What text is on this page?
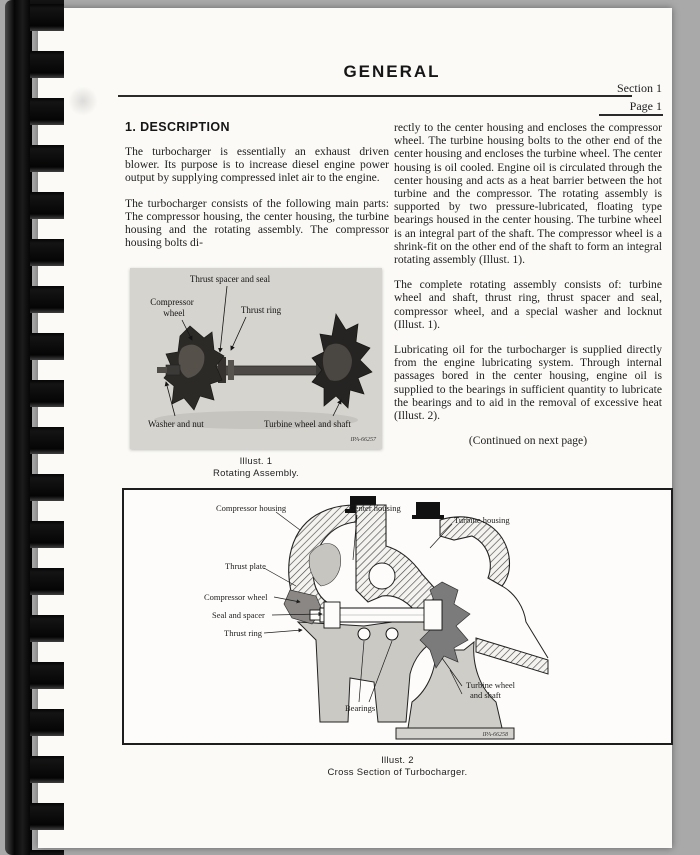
GENERAL
Section 1
Page 1
1. DESCRIPTION

The turbocharger is essentially an exhaust driven blower. Its purpose is to increase diesel engine power output by supplying compressed inlet air to the engine.

The turbocharger consists of the following main parts: The compressor housing, the center housing, the turbine housing and the rotating assembly. The compressor housing bolts di-

Thrust spacer and seal
Compressor
wheel	Thrust ring
Washer and nut	Turbine wheel and shaft
IPA-66257
Illust. 1
Rotating Assembly.

rectly to the center housing and encloses the compressor wheel. The turbine housing bolts to the other end of the center housing and encloses the turbine wheel. The center housing is oil cooled. Engine oil is circulated through the center housing and acts as a heat barrier between the hot turbine and the compressor. The rotating assembly is supported by two pressure-lubricated, floating type bearings housed in the center housing. The turbine wheel is an integral part of the shaft. The compressor wheel is a shrink-fit on the other end of the shaft to form an integral rotating assembly (Illust. 1).

The complete rotating assembly consists of: turbine wheel and shaft, thrust ring, thrust spacer and seal, compressor wheel, and a special washer and locknut (Illust. 1).

Lubricating oil for the turbocharger is supplied directly from the engine lubricating system. Through internal passages bored in the center housing, engine oil is supplied to the bearings in sufficient quantity to lubricate the bearings and to aid in the removal of excessive heat (Illust. 2).

(Continued on next page)
Compressor housing	Center housing
Turbine housing
Thrust plate
Compressor wheel
Seal and spacer
Thrust ring
Bearings
Turbine wheel
and shaft
IPA-66258
Illust. 2
Cross Section of Turbocharger.
